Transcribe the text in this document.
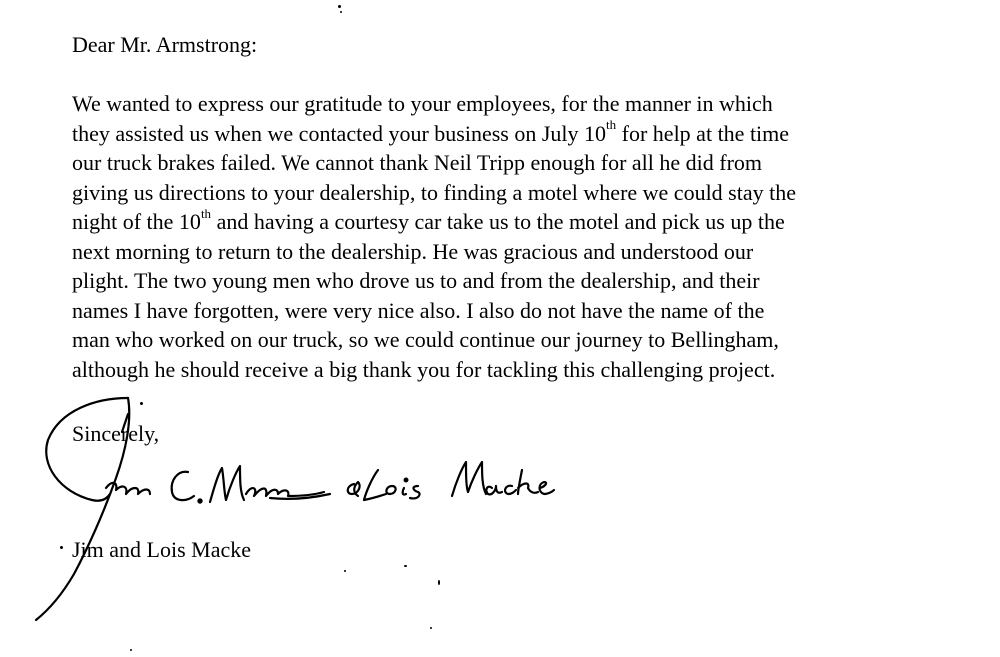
Dear Mr. Armstrong:
We wanted to express our gratitude to your employees, for the manner in which
they assisted us when we contacted your business on July 10th for help at the time
our truck brakes failed. We cannot thank Neil Tripp enough for all he did from
giving us directions to your dealership, to finding a motel where we could stay the
night of the 10th and having a courtesy car take us to the motel and pick us up the
next morning to return to the dealership. He was gracious and understood our
plight. The two young men who drove us to and from the dealership, and their
names I have forgotten, were very nice also. I also do not have the name of the
man who worked on our truck, so we could continue our journey to Bellingham,
although he should receive a big thank you for tackling this challenging project.
Sincerely,
Jim and Lois Macke
